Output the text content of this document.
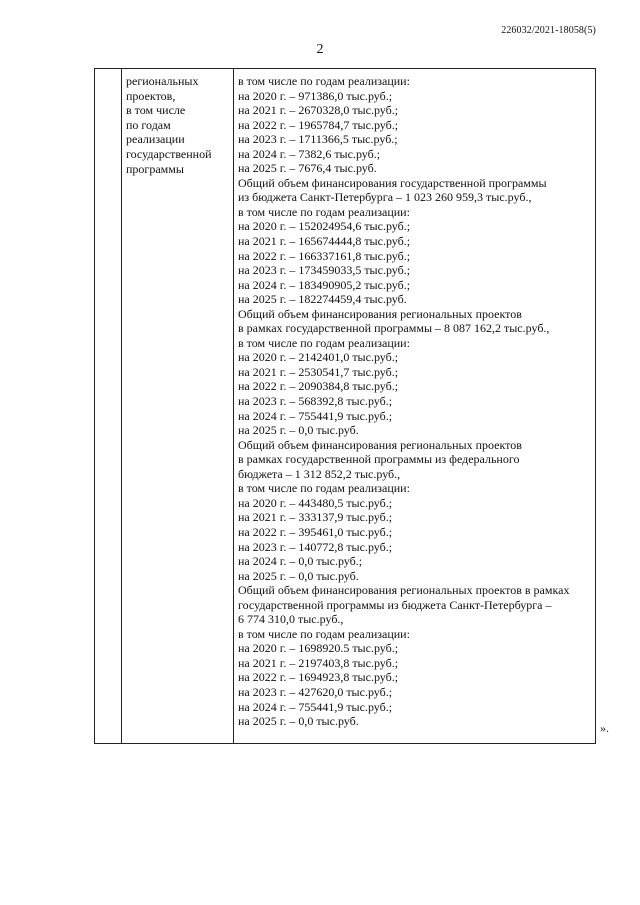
226032/2021-18058(5)
2
региональных
проектов,
в том числе
по годам
реализации
государственной
программы
в том числе по годам реализации:
на 2020 г. – 971386,0 тыс.руб.;
на 2021 г. – 2670328,0 тыс.руб.;
на 2022 г. – 1965784,7 тыс.руб.;
на 2023 г. – 1711366,5 тыс.руб.;
на 2024 г. – 7382,6 тыс.руб.;
на 2025 г. – 7676,4 тыс.руб.
Общий объем финансирования государственной программы
из бюджета Санкт-Петербурга – 1 023 260 959,3 тыс.руб.,
в том числе по годам реализации:
на 2020 г. – 152024954,6 тыс.руб.;
на 2021 г. – 165674444,8 тыс.руб.;
на 2022 г. – 166337161,8 тыс.руб.;
на 2023 г. – 173459033,5 тыс.руб.;
на 2024 г. – 183490905,2 тыс.руб.;
на 2025 г. – 182274459,4 тыс.руб.
Общий объем финансирования региональных проектов
в рамках государственной программы – 8 087 162,2 тыс.руб.,
в том числе по годам реализации:
на 2020 г. – 2142401,0 тыс.руб.;
на 2021 г. – 2530541,7 тыс.руб.;
на 2022 г. – 2090384,8 тыс.руб.;
на 2023 г. – 568392,8 тыс.руб.;
на 2024 г. – 755441,9 тыс.руб.;
на 2025 г. – 0,0 тыс.руб.
Общий объем финансирования региональных проектов
в рамках государственной программы из федерального
бюджета – 1 312 852,2 тыс.руб.,
в том числе по годам реализации:
на 2020 г. – 443480,5 тыс.руб.;
на 2021 г. – 333137,9 тыс.руб.;
на 2022 г. – 395461,0 тыс.руб.;
на 2023 г. – 140772,8 тыс.руб.;
на 2024 г. – 0,0 тыс.руб.;
на 2025 г. – 0,0 тыс.руб.
Общий объем финансирования региональных проектов в рамках
государственной программы из бюджета Санкт-Петербурга –
6 774 310,0 тыс.руб.,
в том числе по годам реализации:
на 2020 г. – 1698920.5 тыс.руб.;
на 2021 г. – 2197403,8 тыс.руб.;
на 2022 г. – 1694923,8 тыс.руб.;
на 2023 г. – 427620,0 тыс.руб.;
на 2024 г. – 755441,9 тыс.руб.;
на 2025 г. – 0,0 тыс.руб.	».
